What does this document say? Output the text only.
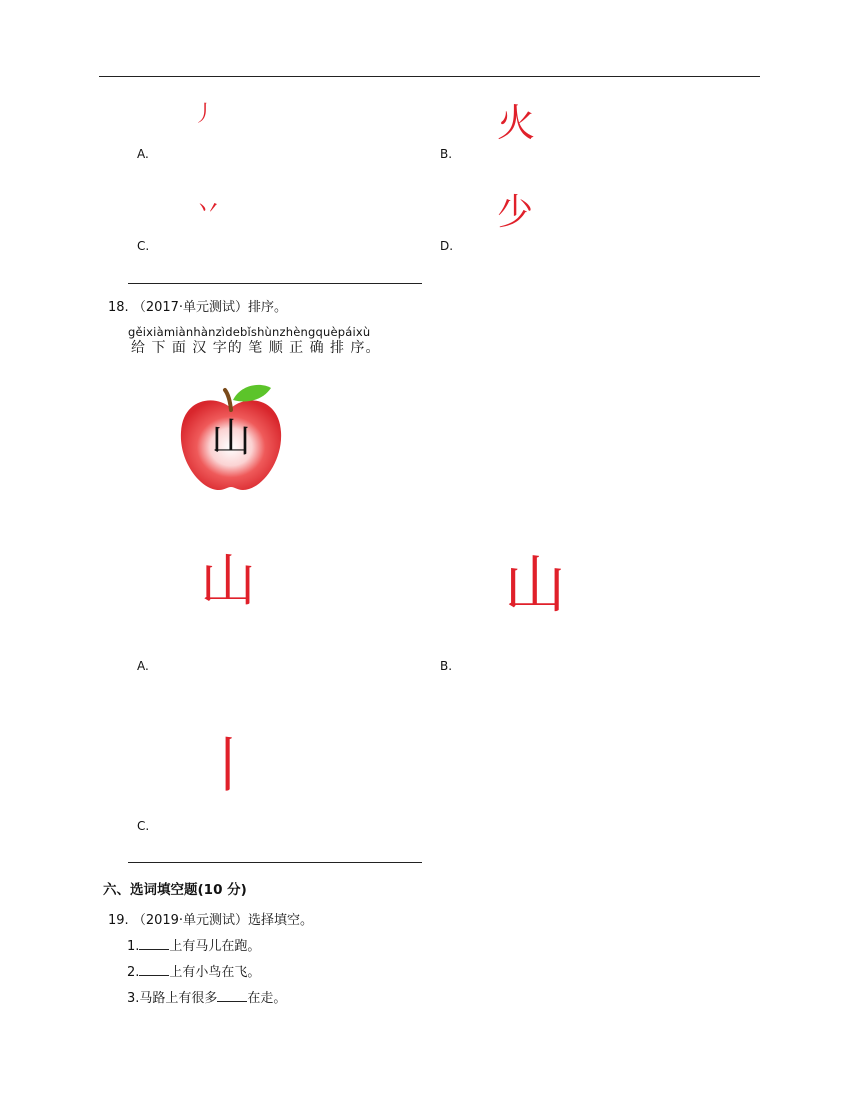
丿
A.
火
B.
丷
C.
少
D.
18. （2017·单元测试）排序。
gěixiàmiànhànzìdebǐshùnzhèngquèpáixù
给 下 面 汉 字的 笔 顺 正 确 排 序。
山
山
A.
山
B.
丨
C.
六、选词填空题(10 分)
19. （2019·单元测试）选择填空。
1. 上有马儿在跑。
2. 上有小鸟在飞。
3.马路上有很多 在走。
